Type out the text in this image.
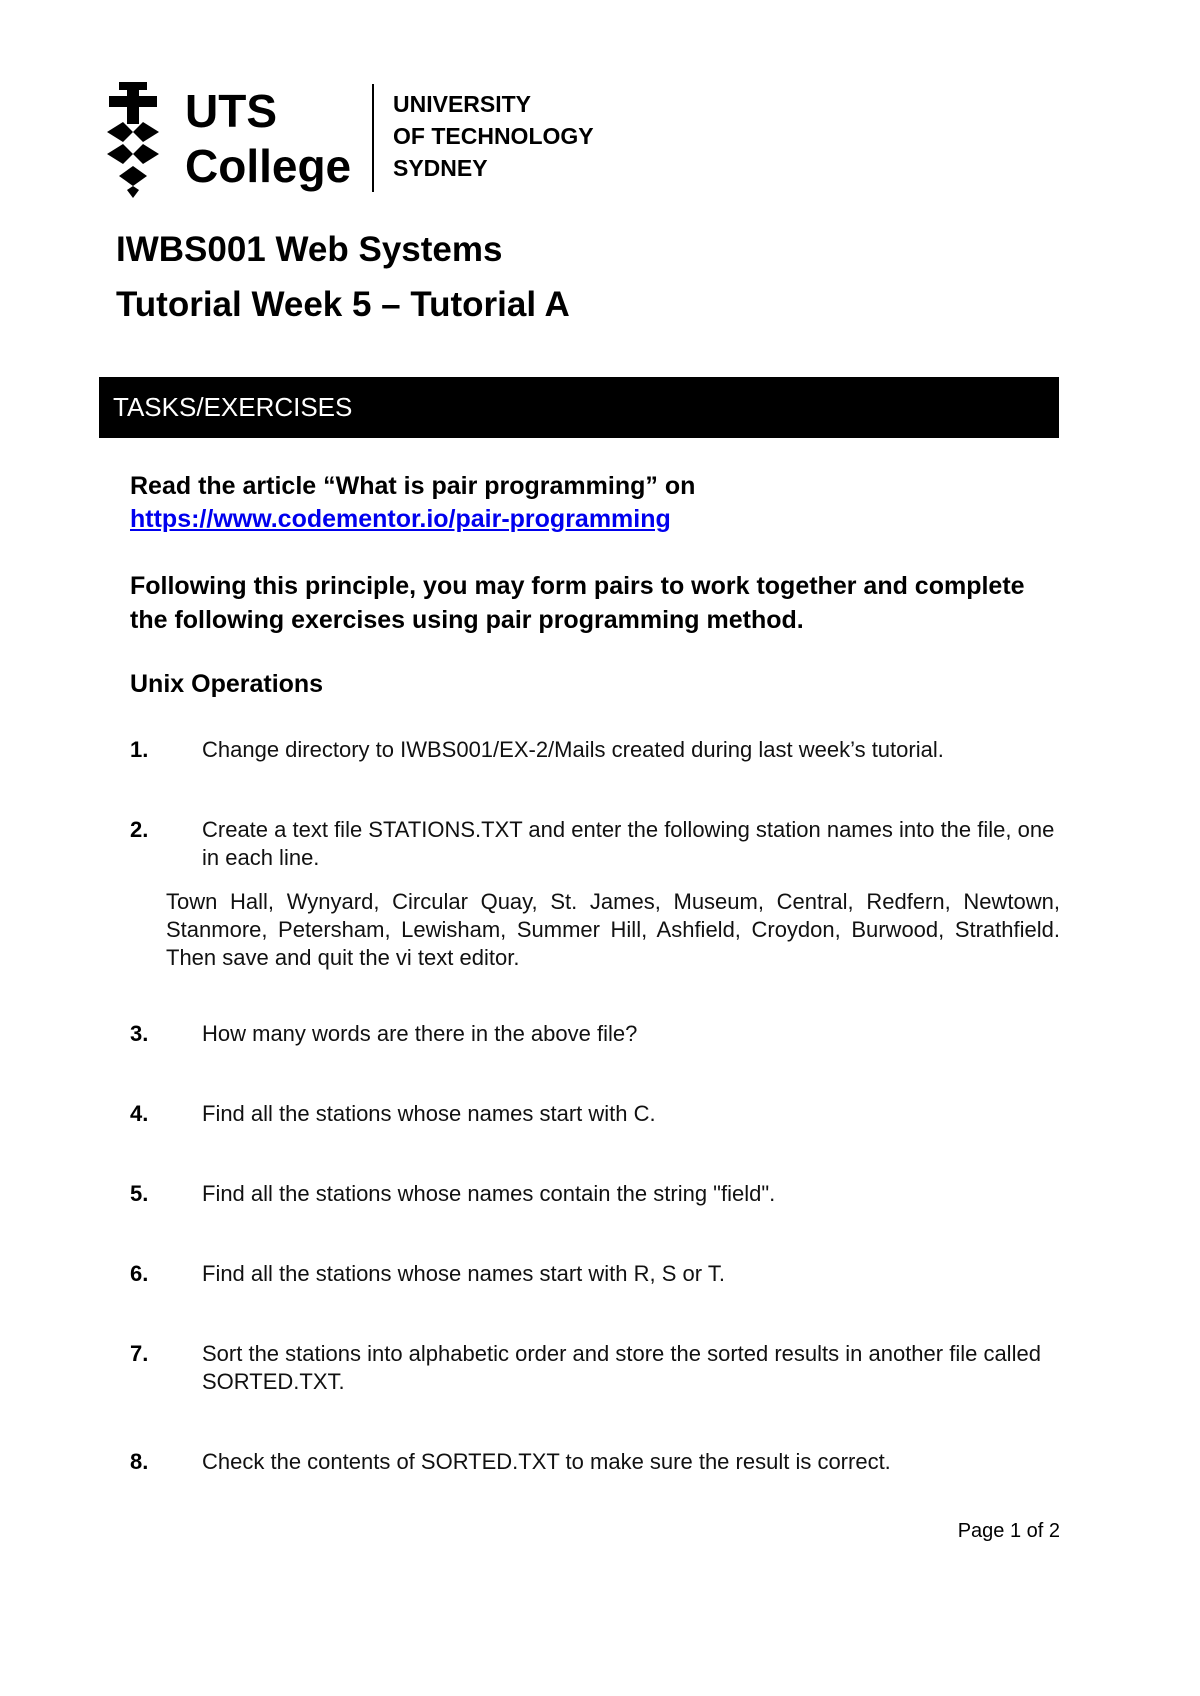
UTS
College
UNIVERSITY
OF TECHNOLOGY
SYDNEY
IWBS001 Web Systems
Tutorial Week 5 – Tutorial A
TASKS/EXERCISES

Read the article “What is pair programming” on
https://www.codementor.io/pair-programming

Following this principle, you may form pairs to work together and complete the following exercises using pair programming method.
Unix Operations
1. Change directory to IWBS001/EX-2/Mails created during last week’s tutorial.
2. Create a text file STATIONS.TXT and enter the following station names into the file, one in each line.
Town Hall, Wynyard, Circular Quay, St. James, Museum, Central, Redfern, Newtown, Stanmore, Petersham, Lewisham, Summer Hill, Ashfield, Croydon, Burwood, Strathfield. Then save and quit the vi text editor.
3. How many words are there in the above file?
4. Find all the stations whose names start with C.
5. Find all the stations whose names contain the string "field".
6. Find all the stations whose names start with R, S or T.
7. Sort the stations into alphabetic order and store the sorted results in another file called SORTED.TXT.
8. Check the contents of SORTED.TXT to make sure the result is correct.
Page 1 of 2
